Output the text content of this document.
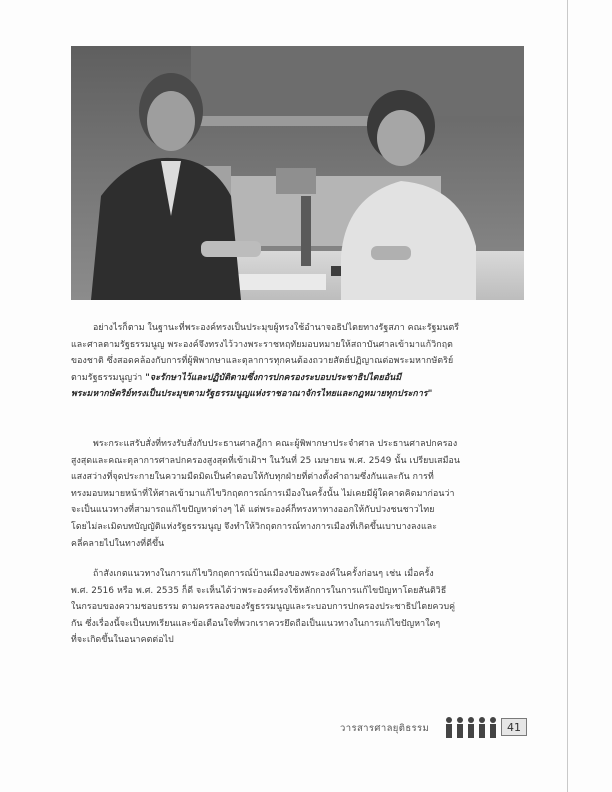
อย่างไรก็ตาม ในฐานะที่พระองค์ทรงเป็นประมุขผู้ทรงใช้อำนาจอธิปไตยทางรัฐสภา คณะรัฐมนตรี
และศาลตามรัฐธรรมนูญ พระองค์จึงทรงไว้วางพระราชหฤทัยมอบหมายให้สถาบันศาลเข้ามาแก้วิกฤต
ของชาติ ซึ่งสอดคล้องกับการที่ผู้พิพากษาและตุลาการทุกคนต้องถวายสัตย์ปฏิญาณต่อพระมหากษัตริย์
ตามรัฐธรรมนูญว่า "จะรักษาไว้และปฏิบัติตามซึ่งการปกครองระบอบประชาธิปไตยอันมี
พระมหากษัตริย์ทรงเป็นประมุขตามรัฐธรรมนูญแห่งราชอาณาจักรไทยและกฎหมายทุกประการ"
พระกระแสรับสั่งที่ทรงรับสั่งกับประธานศาลฎีกา คณะผู้พิพากษาประจำศาล ประธานศาลปกครอง
สูงสุดและคณะตุลาการศาลปกครองสูงสุดที่เข้าเฝ้าฯ ในวันที่ 25 เมษายน พ.ศ. 2549 นั้น เปรียบเสมือน
แสงสว่างที่จุดประกายในความมืดมิดเป็นคำตอบให้กับทุกฝ่ายที่ต่างตั้งคำถามซึ่งกันและกัน การที่
ทรงมอบหมายหน้าที่ให้ศาลเข้ามาแก้ไขวิกฤตการณ์การเมืองในครั้งนั้น ไม่เคยมีผู้ใดคาดคิดมาก่อนว่า
จะเป็นแนวทางที่สามารถแก้ไขปัญหาต่างๆ ได้ แต่พระองค์ก็ทรงหาทางออกให้กับปวงชนชาวไทย
โดยไม่ละเมิดบทบัญญัติแห่งรัฐธรรมนูญ จึงทำให้วิกฤตการณ์ทางการเมืองที่เกิดขึ้นเบาบางลงและ
คลี่คลายไปในทางที่ดีขึ้น
ถ้าสังเกตแนวทางในการแก้ไขวิกฤตการณ์บ้านเมืองของพระองค์ในครั้งก่อนๆ เช่น เมื่อครั้ง
พ.ศ. 2516 หรือ พ.ศ. 2535 ก็ดี จะเห็นได้ว่าพระองค์ทรงใช้หลักการในการแก้ไขปัญหาโดยสันติวิธี
ในกรอบของความชอบธรรม ตามครรลองของรัฐธรรมนูญและระบอบการปกครองประชาธิปไตยควบคู่
กัน ซึ่งเรื่องนี้จะเป็นบทเรียนและข้อเตือนใจที่พวกเราควรยึดถือเป็นแนวทางในการแก้ไขปัญหาใดๆ
ที่จะเกิดขึ้นในอนาคตต่อไป
วารสารศาลยุติธรรม	41
